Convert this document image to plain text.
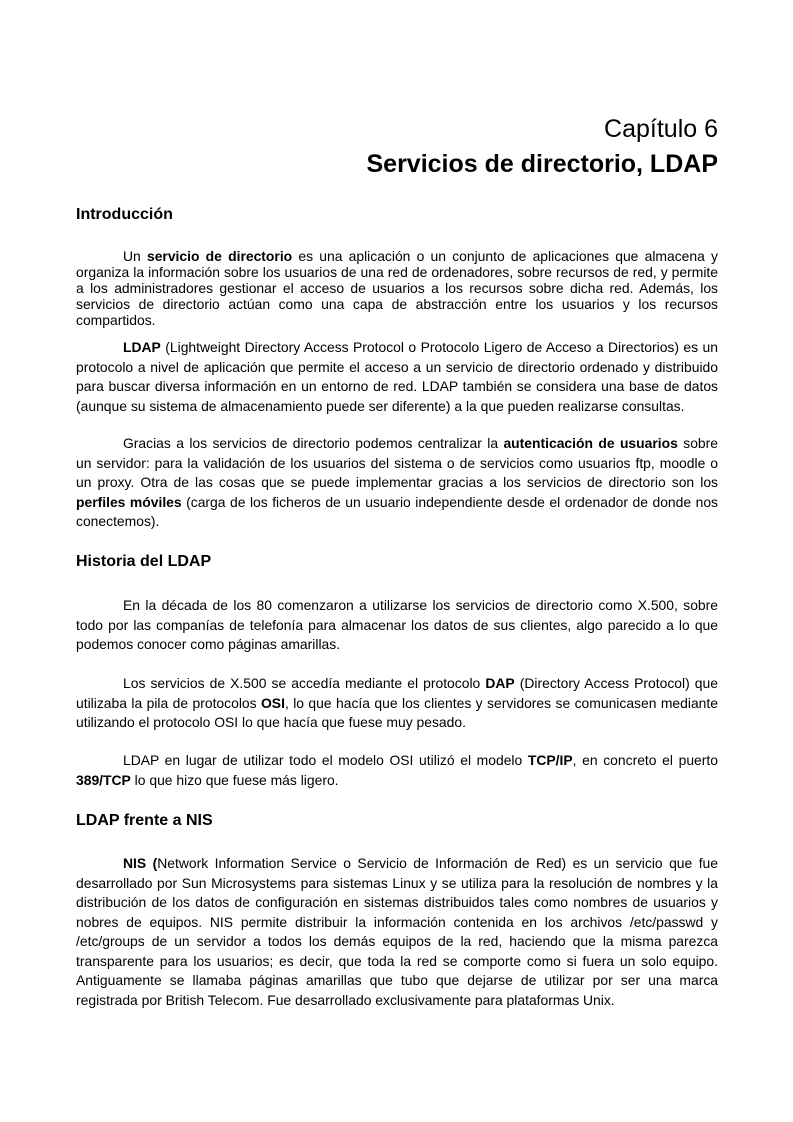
Capítulo 6
Servicios de directorio, LDAP
Introducción

Un servicio de directorio es una aplicación o un conjunto de aplicaciones que almacena y organiza la información sobre los usuarios de una red de ordenadores, sobre recursos de red, y permite a los administradores gestionar el acceso de usuarios a los recursos sobre dicha red. Además, los servicios de directorio actúan como una capa de abstracción entre los usuarios y los recursos compartidos.

LDAP (Lightweight Directory Access Protocol o Protocolo Ligero de Acceso a Directorios) es un protocolo a nivel de aplicación que permite el acceso a un servicio de directorio ordenado y distribuido para buscar diversa información en un entorno de red. LDAP también se considera una base de datos (aunque su sistema de almacenamiento puede ser diferente) a la que pueden realizarse consultas.

Gracias a los servicios de directorio podemos centralizar la autenticación de usuarios sobre un servidor: para la validación de los usuarios del sistema o de servicios como usuarios ftp, moodle o un proxy. Otra de las cosas que se puede implementar gracias a los servicios de directorio son los perfiles móviles (carga de los ficheros de un usuario independiente desde el ordenador de donde nos conectemos).

Historia del LDAP

En la década de los 80 comenzaron a utilizarse los servicios de directorio como X.500, sobre todo por las companías de telefonía para almacenar los datos de sus clientes, algo parecido a lo que podemos conocer como páginas amarillas.

Los servicios de X.500 se accedía mediante el protocolo DAP (Directory Access Protocol) que utilizaba la pila de protocolos OSI, lo que hacía que los clientes y servidores se comunicasen mediante utilizando el protocolo OSI lo que hacía que fuese muy pesado.

LDAP en lugar de utilizar todo el modelo OSI utilizó el modelo TCP/IP, en concreto el puerto 389/TCP lo que hizo que fuese más ligero.

LDAP frente a NIS

NIS (Network Information Service o Servicio de Información de Red) es un servicio que fue desarrollado por Sun Microsystems para sistemas Linux y se utiliza para la resolución de nombres y la distribución de los datos de configuración en sistemas distribuidos tales como nombres de usuarios y nobres de equipos. NIS permite distribuir la información contenida en los archivos /etc/passwd y /etc/groups de un servidor a todos los demás equipos de la red, haciendo que la misma parezca transparente para los usuarios; es decir, que toda la red se comporte como si fuera un solo equipo. Antiguamente se llamaba páginas amarillas que tubo que dejarse de utilizar por ser una marca registrada por British Telecom. Fue desarrollado exclusivamente para plataformas Unix.
